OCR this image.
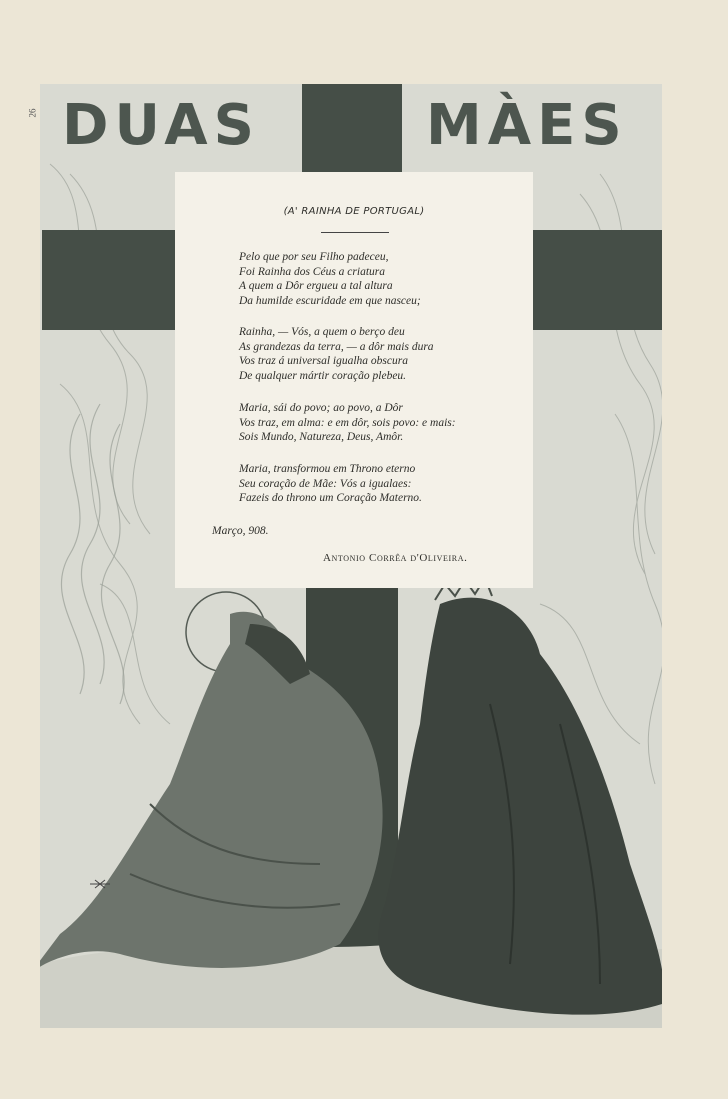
26 DUAS	MÀES
(A' RAINHA DE PORTUGAL)
Pelo que por seu Filho padeceu,
Foi Rainha dos Céus a criatura
A quem a Dôr ergueu a tal altura
Da humilde escuridade em que nasceu;
Rainha, — Vós, a quem o berço deu
As grandezas da terra, — a dôr mais dura
Vos traz á universal igualha obscura
De qualquer mártir coração plebeu.
Maria, sái do povo; ao povo, a Dôr
Vos traz, em alma: e em dôr, sois povo: e mais:
Sois Mundo, Natureza, Deus, Amôr.
Maria, transformou em Throno eterno
Seu coração de Mãe: Vós a igualaes:
Fazeis do throno um Coração Materno.
Março, 908.
Antonio Corrêa d'Oliveira.
